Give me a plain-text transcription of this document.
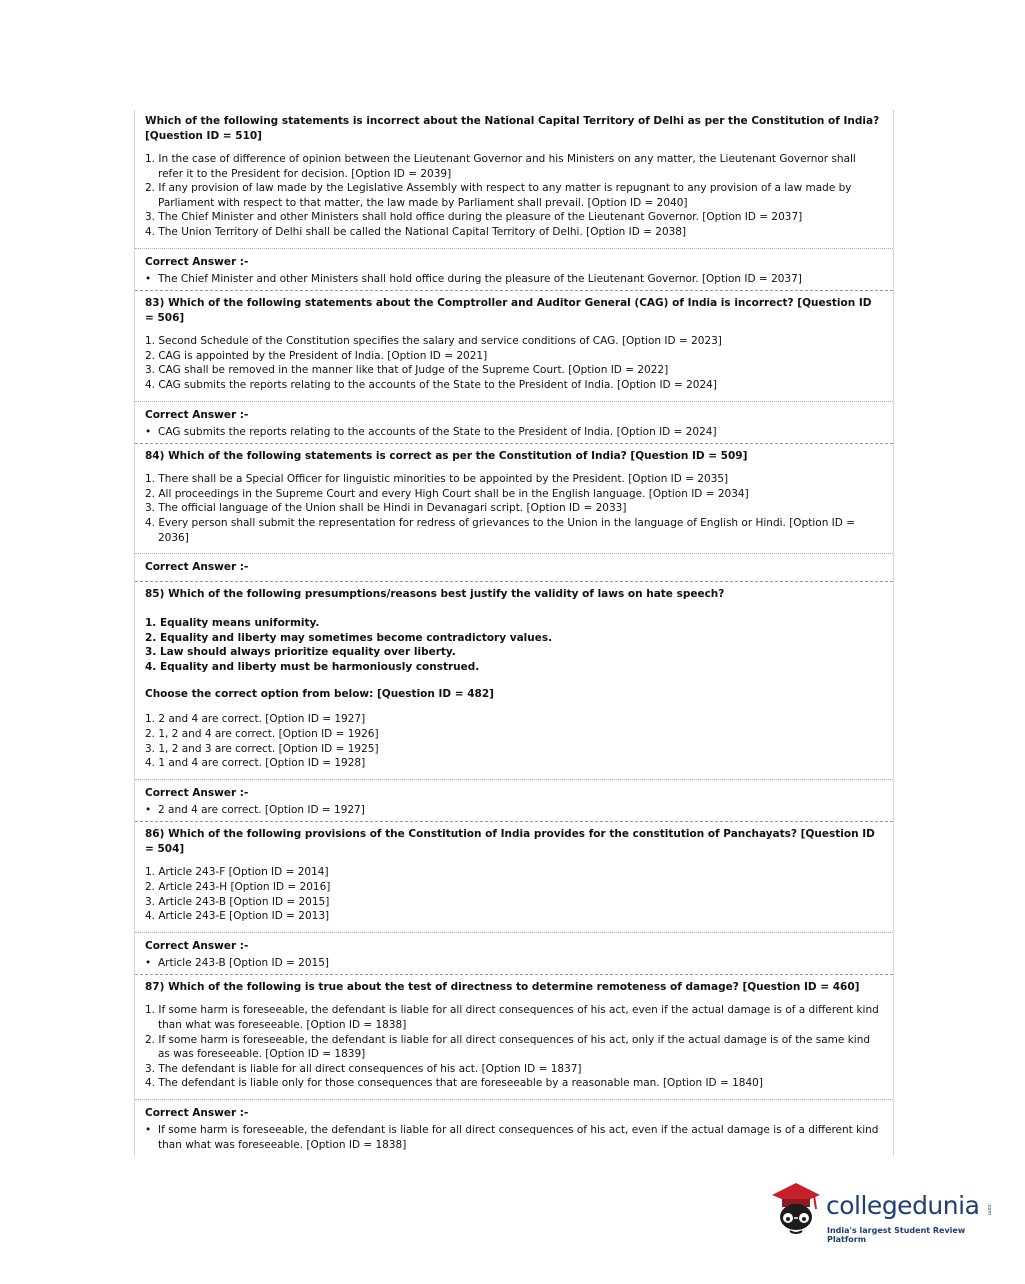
Which of the following statements is incorrect about the National Capital Territory of Delhi as per the Constitution of India? [Question ID = 510]
1. In the case of difference of opinion between the Lieutenant Governor and his Ministers on any matter, the Lieutenant Governor shall refer it to the President for decision. [Option ID = 2039]
2. If any provision of law made by the Legislative Assembly with respect to any matter is repugnant to any provision of a law made by Parliament with respect to that matter, the law made by Parliament shall prevail. [Option ID = 2040]
3. The Chief Minister and other Ministers shall hold office during the pleasure of the Lieutenant Governor. [Option ID = 2037]
4. The Union Territory of Delhi shall be called the National Capital Territory of Delhi. [Option ID = 2038]
Correct Answer :-
• The Chief Minister and other Ministers shall hold office during the pleasure of the Lieutenant Governor. [Option ID = 2037]
83) Which of the following statements about the Comptroller and Auditor General (CAG) of India is incorrect? [Question ID = 506]
1. Second Schedule of the Constitution specifies the salary and service conditions of CAG. [Option ID = 2023]
2. CAG is appointed by the President of India. [Option ID = 2021]
3. CAG shall be removed in the manner like that of Judge of the Supreme Court. [Option ID = 2022]
4. CAG submits the reports relating to the accounts of the State to the President of India. [Option ID = 2024]
Correct Answer :-
• CAG submits the reports relating to the accounts of the State to the President of India. [Option ID = 2024]
84) Which of the following statements is correct as per the Constitution of India? [Question ID = 509]
1. There shall be a Special Officer for linguistic minorities to be appointed by the President. [Option ID = 2035]
2. All proceedings in the Supreme Court and every High Court shall be in the English language. [Option ID = 2034]
3. The official language of the Union shall be Hindi in Devanagari script. [Option ID = 2033]
4. Every person shall submit the representation for redress of grievances to the Union in the language of English or Hindi. [Option ID = 2036]
Correct Answer :-
85) Which of the following presumptions/reasons best justify the validity of laws on hate speech?
1. Equality means uniformity.
2. Equality and liberty may sometimes become contradictory values.
3. Law should always prioritize equality over liberty.
4. Equality and liberty must be harmoniously construed.
Choose the correct option from below: [Question ID = 482]
1. 2 and 4 are correct. [Option ID = 1927]
2. 1, 2 and 4 are correct. [Option ID = 1926]
3. 1, 2 and 3 are correct. [Option ID = 1925]
4. 1 and 4 are correct. [Option ID = 1928]
Correct Answer :-
• 2 and 4 are correct. [Option ID = 1927]
86) Which of the following provisions of the Constitution of India provides for the constitution of Panchayats? [Question ID = 504]
1. Article 243-F [Option ID = 2014]
2. Article 243-H [Option ID = 2016]
3. Article 243-B [Option ID = 2015]
4. Article 243-E [Option ID = 2013]
Correct Answer :-
• Article 243-B [Option ID = 2015]
87) Which of the following is true about the test of directness to determine remoteness of damage? [Question ID = 460]
1. If some harm is foreseeable, the defendant is liable for all direct consequences of his act, even if the actual damage is of a different kind than what was foreseeable. [Option ID = 1838]
2. If some harm is foreseeable, the defendant is liable for all direct consequences of his act, only if the actual damage is of the same kind as was foreseeable. [Option ID = 1839]
3. The defendant is liable for all direct consequences of his act. [Option ID = 1837]
4. The defendant is liable only for those consequences that are foreseeable by a reasonable man. [Option ID = 1840]
Correct Answer :-
• If some harm is foreseeable, the defendant is liable for all direct consequences of his act, even if the actual damage is of a different kind than what was foreseeable. [Option ID = 1838]
collegedunia .com
India's largest Student Review Platform
